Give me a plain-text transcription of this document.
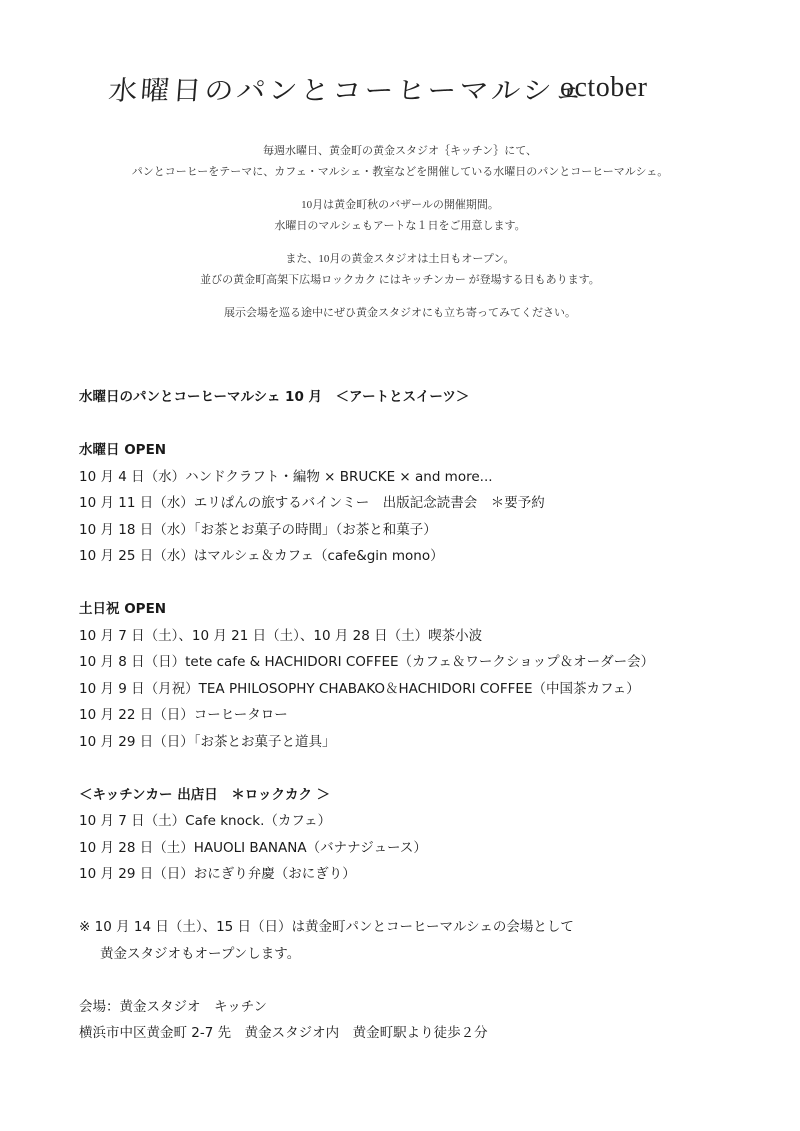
水曜日のパンとコーヒーマルシェ
october

毎週水曜日、黄金町の黄金スタジオ｛キッチン｝にて、
パンとコーヒーをテーマに、カフェ・マルシェ・教室などを開催している水曜日のパンとコーヒーマルシェ。

10月は黄金町秋のバザールの開催期間。
水曜日のマルシェもアートな１日をご用意します。

また、10月の黄金スタジオは土日もオープン。
並びの黄金町高架下広場ロックカク にはキッチンカー が登場する日もあります。

展示会場を巡る途中にぜひ黄金スタジオにも立ち寄ってみてください。

水曜日のパンとコーヒーマルシェ 10 月　＜アートとスイーツ＞
水曜日 OPEN
10 月 4 日（水）ハンドクラフト・編物 × BRUCKE × and more...
10 月 11 日（水）エリぱんの旅するバインミー　出版記念読書会　＊要予約
10 月 18 日（水）「お茶とお菓子の時間」（お茶と和菓子）
10 月 25 日（水）はマルシェ＆カフェ（cafe&gin mono）
土日祝 OPEN
10 月 7 日（土）、10 月 21 日（土）、10 月 28 日（土）喫茶小波
10 月 8 日（日）tete cafe & HACHIDORI COFFEE（カフェ＆ワークショップ＆オーダー会）
10 月 9 日（月祝）TEA PHILOSOPHY CHABAKO＆HACHIDORI COFFEE（中国茶カフェ）
10 月 22 日（日）コーヒータロー
10 月 29 日（日）「お茶とお菓子と道具」
＜キッチンカー 出店日　＊ロックカク ＞
10 月 7 日（土）Cafe knock.（カフェ）
10 月 28 日（土）HAUOLI BANANA（バナナジュース）
10 月 29 日（日）おにぎり弁慶（おにぎり）
※ 10 月 14 日（土）、15 日（日）は黄金町パンとコーヒーマルシェの会場として
黄金スタジオもオープンします。
会場：黄金スタジオ　キッチン
横浜市中区黄金町 2-7 先　黄金スタジオ内　黄金町駅より徒歩２分
